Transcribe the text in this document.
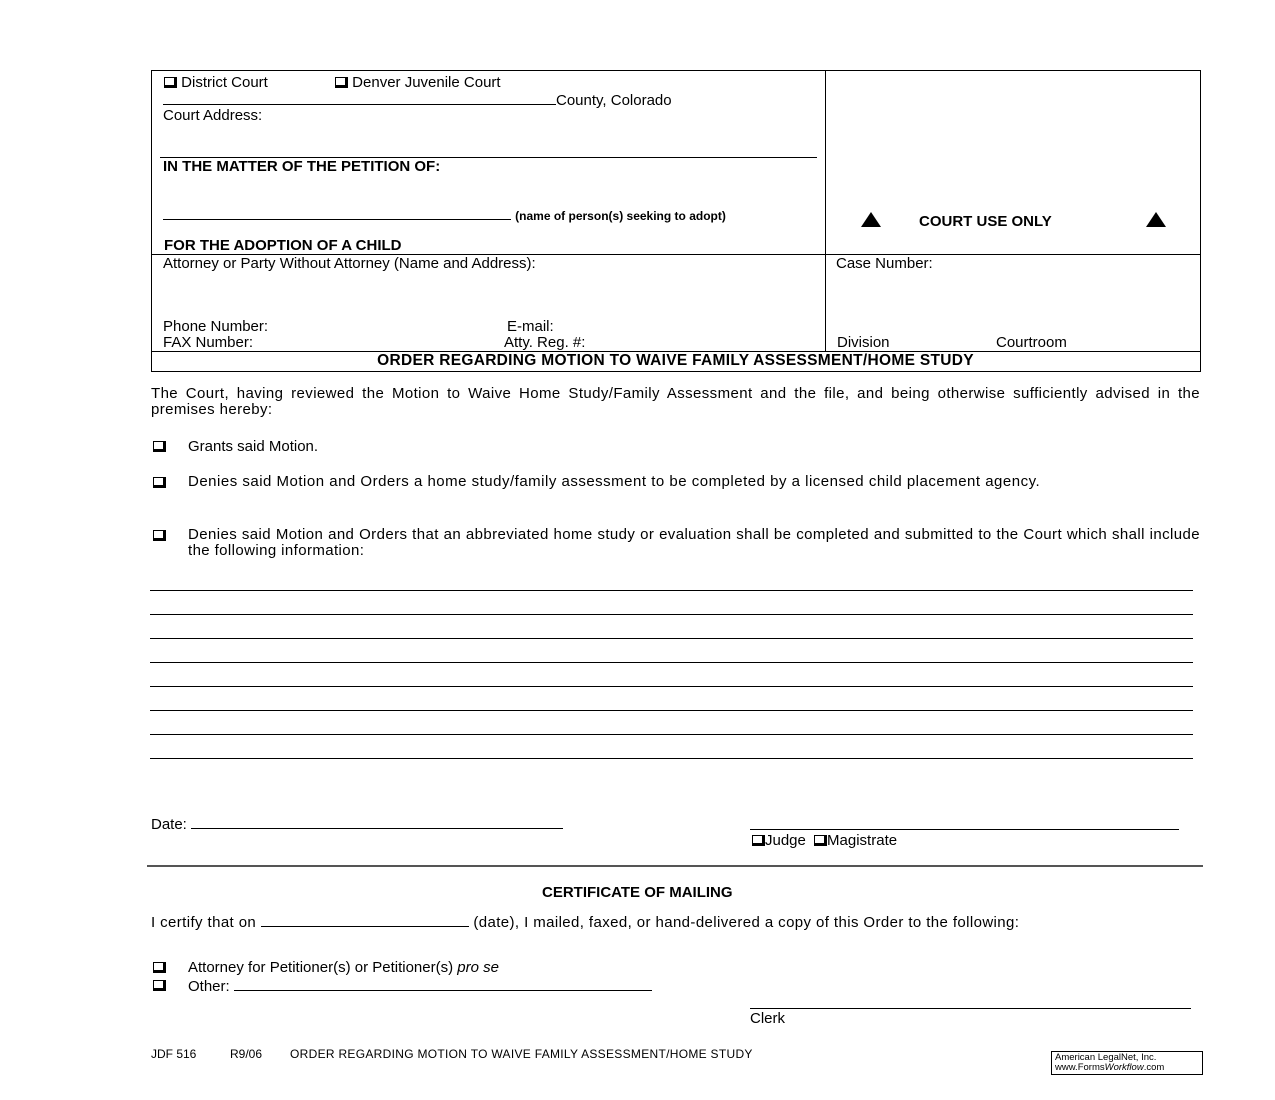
District Court	Denver Juvenile Court
County, Colorado
Court Address:
IN THE MATTER OF THE PETITION OF:
(name of person(s) seeking to adopt)
FOR THE ADOPTION OF A CHILD
COURT USE ONLY
Attorney or Party Without Attorney (Name and Address):
Phone Number:	E-mail:
FAX Number:	Atty. Reg. #:
Case Number:
Division	Courtroom
ORDER REGARDING MOTION TO WAIVE FAMILY ASSESSMENT/HOME STUDY
The Court, having reviewed the Motion to Waive Home Study/Family Assessment and the file, and being otherwise sufficiently advised in the premises hereby:
Grants said Motion.
Denies said Motion and Orders a home study/family assessment to be completed by a licensed child placement agency.
Denies said Motion and Orders that an abbreviated home study or evaluation shall be completed and submitted to the Court which shall include the following information:
Date:
Judge Magistrate
CERTIFICATE OF MAILING
I certify that on	(date), I mailed, faxed, or hand-delivered a copy of this Order to the following:
Attorney for Petitioner(s) or Petitioner(s) pro se
Other:
Clerk
JDF 516	R9/06 ORDER REGARDING MOTION TO WAIVE FAMILY ASSESSMENT/HOME STUDY	American LegalNet, Inc.
www.FormsWorkflow.com
